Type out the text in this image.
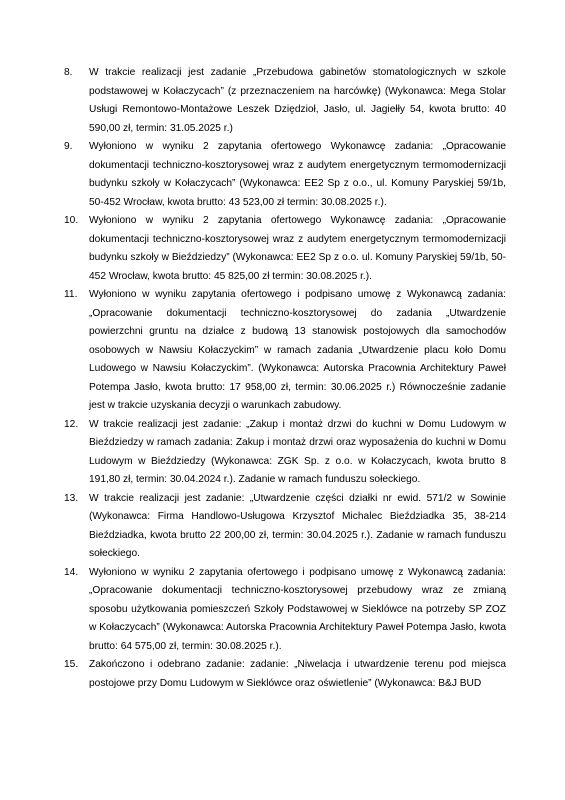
8.	W trakcie realizacji jest zadanie „Przebudowa gabinetów stomatologicznych w szkole podstawowej w Kołaczycach” (z przeznaczeniem na harcówkę) (Wykonawca: Mega Stolar Usługi Remontowo-Montażowe Leszek Dziędzioł, Jasło, ul. Jagiełły 54, kwota brutto: 40 590,00 zł, termin: 31.05.2025 r.)
9.	Wyłoniono w wyniku 2 zapytania ofertowego Wykonawcę zadania: „Opracowanie dokumentacji techniczno-kosztorysowej wraz z audytem energetycznym termomodernizacji budynku szkoły w Kołaczycach” (Wykonawca: EE2 Sp z o.o., ul. Komuny Paryskiej 59/1b, 50-452 Wrocław, kwota brutto: 43 523,00 zł termin: 30.08.2025 r.).
10.	Wyłoniono w wyniku 2 zapytania ofertowego Wykonawcę zadania: „Opracowanie dokumentacji techniczno-kosztorysowej wraz z audytem energetycznym termomodernizacji budynku szkoły w Bieździedzy” (Wykonawca: EE2 Sp z o.o. ul. Komuny Paryskiej 59/1b, 50-452 Wrocław, kwota brutto: 45 825,00 zł termin: 30.08.2025 r.).
11.	Wyłoniono w wyniku zapytania ofertowego i podpisano umowę z Wykonawcą zadania: „Opracowanie dokumentacji techniczno-kosztorysowej do zadania „Utwardzenie powierzchni gruntu na działce z budową 13 stanowisk postojowych dla samochodów osobowych w Nawsiu Kołaczyckim” w ramach zadania „Utwardzenie placu koło Domu Ludowego w Nawsiu Kołaczyckim”. (Wykonawca: Autorska Pracownia Architektury Paweł Potempa Jasło, kwota brutto: 17 958,00 zł, termin: 30.06.2025 r.) Równocześnie zadanie jest w trakcie uzyskania decyzji o warunkach zabudowy.
12.	W trakcie realizacji jest zadanie: „Zakup i montaż drzwi do kuchni w Domu Ludowym w Bieździedzy w ramach zadania: Zakup i montaż drzwi oraz wyposażenia do kuchni w Domu Ludowym w Bieździedzy (Wykonawca: ZGK Sp. z o.o. w Kołaczycach, kwota brutto 8 191,80 zł, termin: 30.04.2024 r.). Zadanie w ramach funduszu sołeckiego.
13.	W trakcie realizacji jest zadanie: „Utwardzenie części działki nr ewid. 571/2 w Sowinie (Wykonawca: Firma Handlowo-Usługowa Krzysztof Michalec Bieździadka 35, 38-214 Bieździadka, kwota brutto 22 200,00 zł, termin: 30.04.2025 r.). Zadanie w ramach funduszu sołeckiego.
14.	Wyłoniono w wyniku 2 zapytania ofertowego i podpisano umowę z Wykonawcą zadania: „Opracowanie dokumentacji techniczno-kosztorysowej przebudowy wraz ze zmianą sposobu użytkowania pomieszczeń Szkoły Podstawowej w Sieklówce na potrzeby SP ZOZ w Kołaczycach” (Wykonawca: Autorska Pracownia Architektury Paweł Potempa Jasło, kwota brutto: 64 575,00 zł, termin: 30.08.2025 r.).
15.	Zakończono i odebrano zadanie: zadanie: „Niwelacja i utwardzenie terenu pod miejsca postojowe przy Domu Ludowym w Sieklówce oraz oświetlenie” (Wykonawca: B&J BUD
